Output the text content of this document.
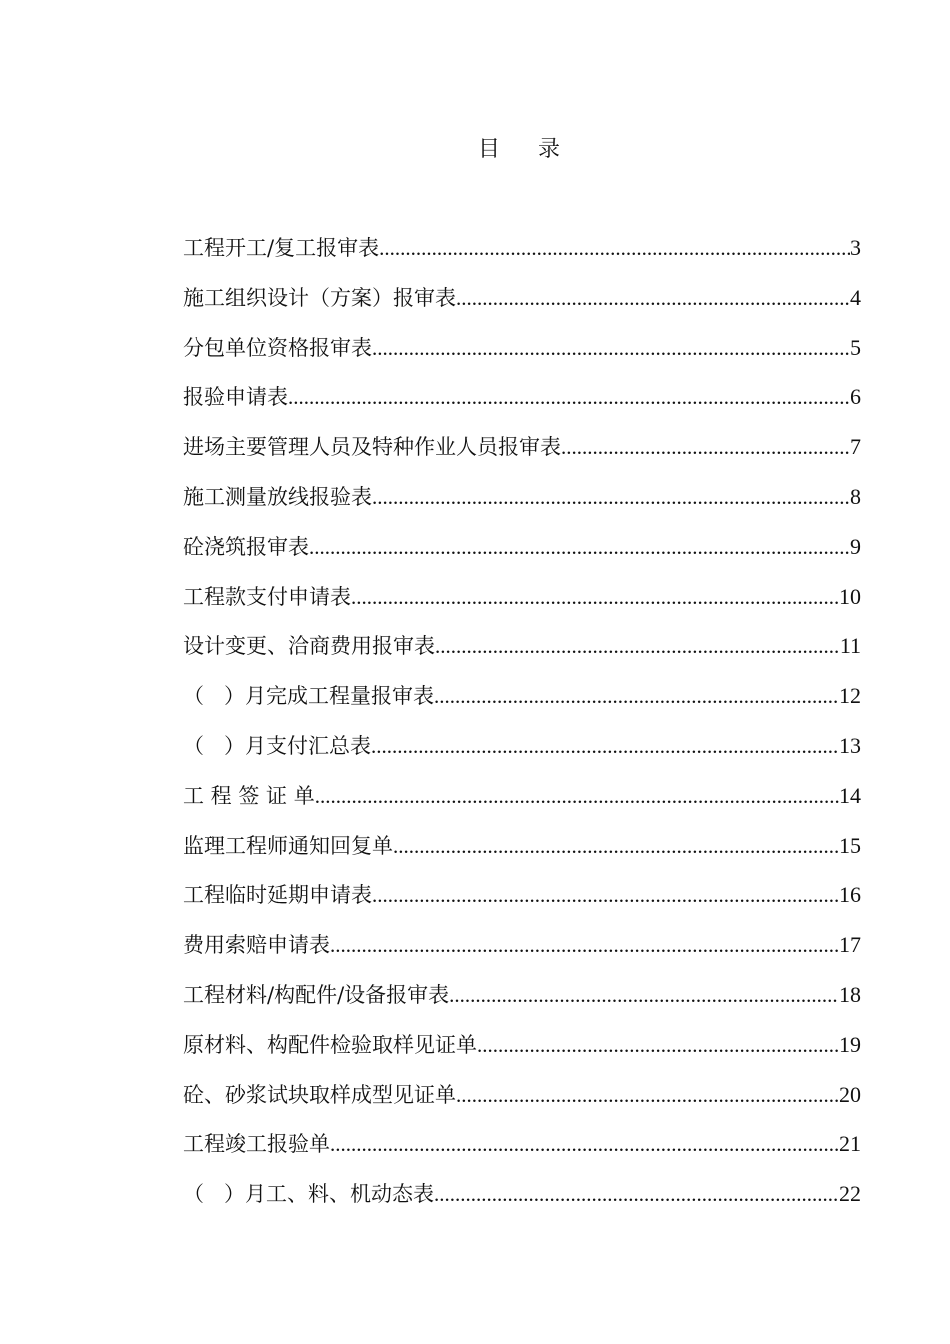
目    录
工程开工/复工报审表 .....	3
施工组织设计（方案）报审表 .....	4
分包单位资格报审表 .....	5
报验申请表 .....	6
进场主要管理人员及特种作业人员报审表 .....	7
施工测量放线报验表 .....	8
砼浇筑报审表 .....	9
工程款支付申请表 .....	10
设计变更、洽商费用报审表 .....	11
（   ）月完成工程量报审表 .....	12
（   ）月支付汇总表 .....	13
工 程 签 证 单 .....	14
监理工程师通知回复单 .....	15
工程临时延期申请表 .....	16
费用索赔申请表 .....	17
工程材料/构配件/设备报审表 .....	18
原材料、构配件检验取样见证单 .....	19
砼、砂浆试块取样成型见证单 .....	20
工程竣工报验单 .....	21
（   ）月工、料、机动态表 .....	22
